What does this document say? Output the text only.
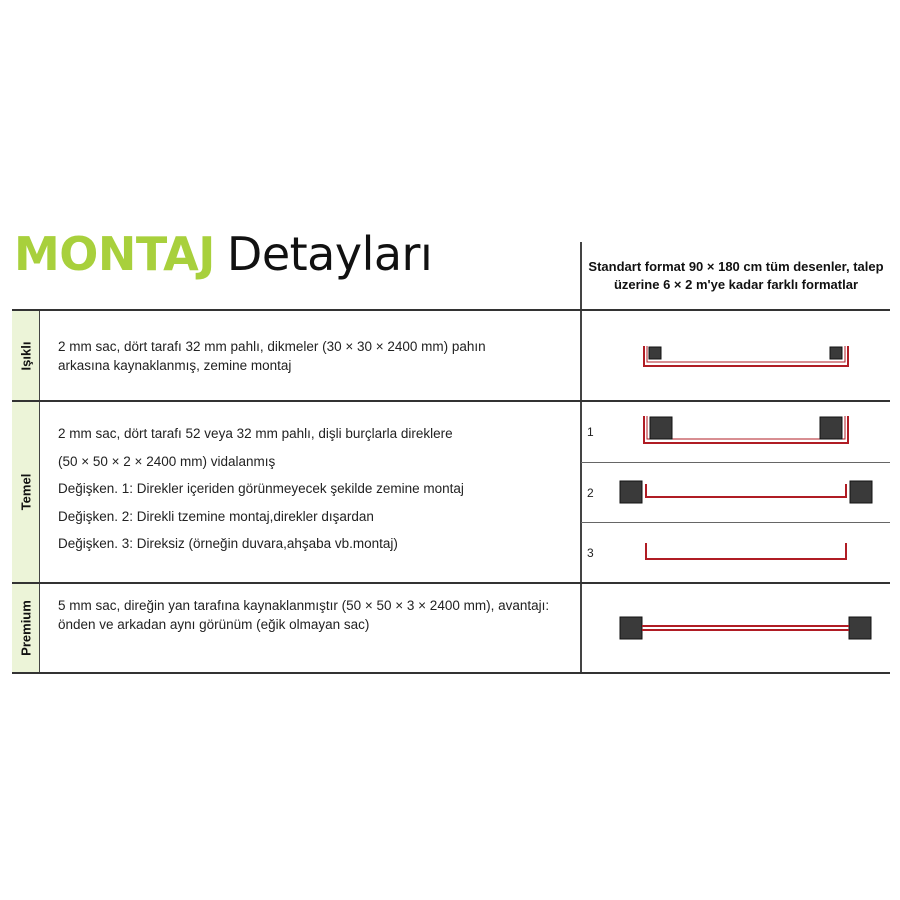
MONTAJ Detayları	Standart format 90 × 180 cm tüm desenler, talep üzerine 6 × 2 m'ye kadar farklı formatlar
Işıklı
Temel
Premium

2 mm sac, dört tarafı 32 mm pahlı, dikmeler (30 × 30 × 2400 mm) pahın arkasına kaynaklanmış, zemine montaj

2 mm sac, dört tarafı 52 veya 32 mm pahlı, dişli burçlarla direklere
(50 × 50 × 2 × 2400 mm) vidalanmış
Değişken. 1: Direkler içeriden görünmeyecek şekilde zemine montaj
Değişken. 2: Direkli tzemine montaj,direkler dışardan
Değişken. 3: Direksiz (örneğin duvara,ahşaba vb.montaj)
5 mm sac, direğin yan tarafına kaynaklanmıştır (50 × 50 × 3 × 2400 mm), avantajı:
önden ve arkadan aynı görünüm (eğik olmayan sac)
1
2
3
